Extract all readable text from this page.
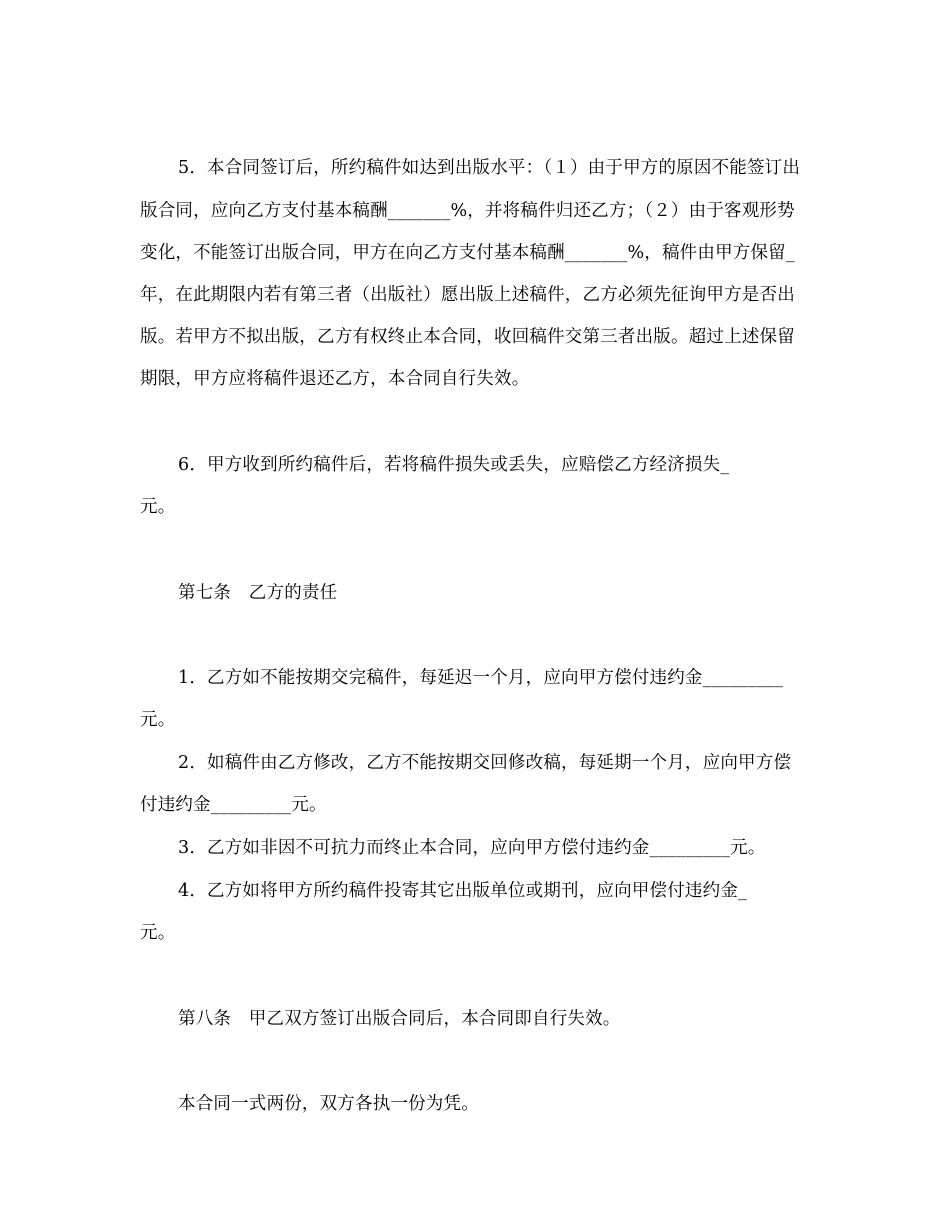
5．本合同签订后，所约稿件如达到出版水平：（１）由于甲方的原因不能签订出
版合同，应向乙方支付基本稿酬_______%，并将稿件归还乙方；（２）由于客观形势
变化，不能签订出版合同，甲方在向乙方支付基本稿酬_______%，稿件由甲方保留_
年，在此期限内若有第三者（出版社）愿出版上述稿件，乙方必须先征询甲方是否出
版。若甲方不拟出版，乙方有权终止本合同，收回稿件交第三者出版。超过上述保留
期限，甲方应将稿件退还乙方，本合同自行失效。
6．甲方收到所约稿件后，若将稿件损失或丢失，应赔偿乙方经济损失_
元。
第七条　乙方的责任
1．乙方如不能按期交完稿件，每延迟一个月，应向甲方偿付违约金_________
元。
2．如稿件由乙方修改，乙方不能按期交回修改稿，每延期一个月，应向甲方偿
付违约金_________元。
3．乙方如非因不可抗力而终止本合同，应向甲方偿付违约金_________元。
4．乙方如将甲方所约稿件投寄其它出版单位或期刊，应向甲偿付违约金_
元。
第八条　甲乙双方签订出版合同后，本合同即自行失效。
本合同一式两份，双方各执一份为凭。
